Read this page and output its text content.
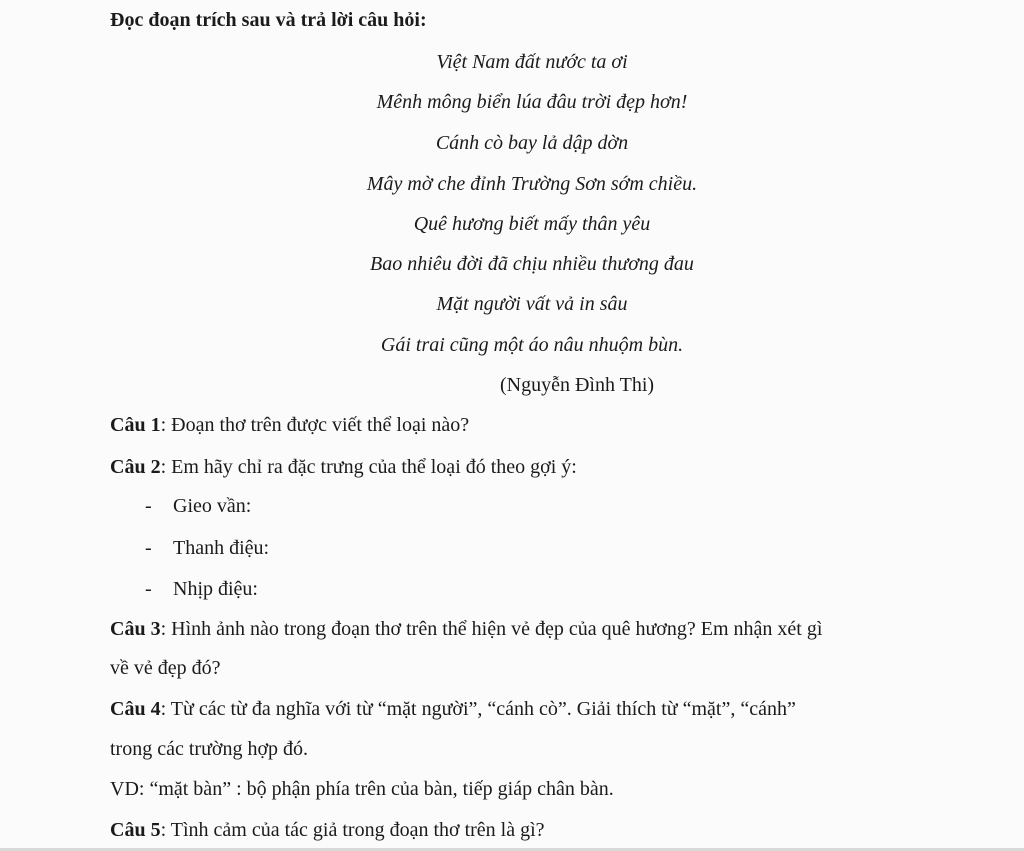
Đọc đoạn trích sau và trả lời câu hỏi:
Việt Nam đất nước ta ơi
Mênh mông biển lúa đâu trời đẹp hơn!
Cánh cò bay lả dập dờn
Mây mờ che đỉnh Trường Sơn sớm chiều.
Quê hương biết mấy thân yêu
Bao nhiêu đời đã chịu nhiều thương đau
Mặt người vất vả in sâu
Gái trai cũng một áo nâu nhuộm bùn.
(Nguyễn Đình Thi)
Câu 1: Đoạn thơ trên được viết thể loại nào?
Câu 2: Em hãy chỉ ra đặc trưng của thể loại đó theo gợi ý:
- Gieo vần:
- Thanh điệu:
- Nhịp điệu:
Câu 3: Hình ảnh nào trong đoạn thơ trên thể hiện vẻ đẹp của quê hương? Em nhận xét gì
về vẻ đẹp đó?
Câu 4: Từ các từ đa nghĩa với từ “mặt người”, “cánh cò”. Giải thích từ “mặt”, “cánh”
trong các trường hợp đó.
VD: “mặt bàn” : bộ phận phía trên của bàn, tiếp giáp chân bàn.
Câu 5: Tình cảm của tác giả trong đoạn thơ trên là gì?
